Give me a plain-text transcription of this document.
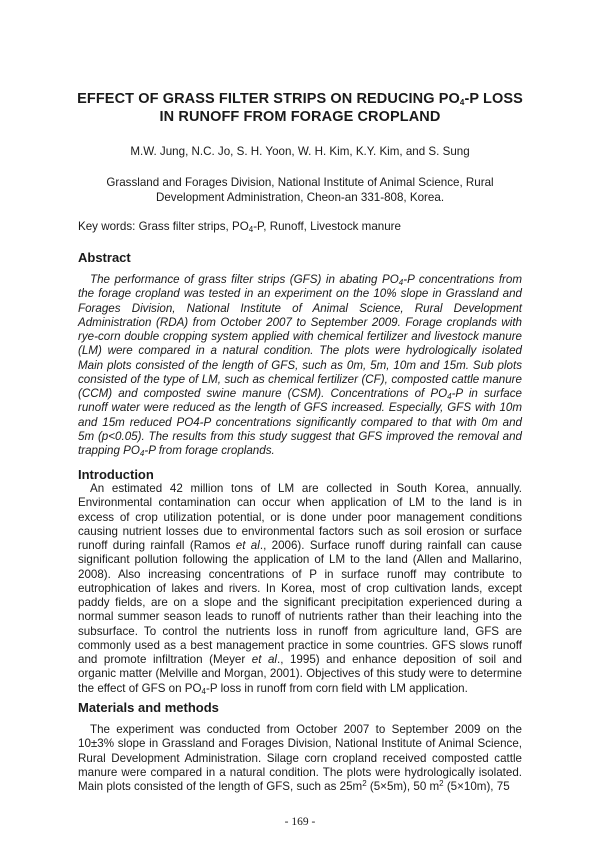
EFFECT OF GRASS FILTER STRIPS ON REDUCING $PO_4-P$ LOSS
IN RUNOFF FROM FORAGE CROPLAND
M.W. Jung, N.C. Jo, S. H. Yoon, W. H. Kim, K.Y. Kim, and S. Sung
Grassland and Forages Division, National Institute of Animal Science, Rural
Development Administration, Cheon-an 331-808, Korea.
Key words: Grass filter strips, $PO_4-P$, Runoff, Livestock manure
Abstract
The performance of grass filter strips (GFS) in abating $PO_4-P$ concentrations from the forage cropland was tested in an experiment on the 10% slope in Grassland and Forages Division, National Institute of Animal Science, Rural Development Administration (RDA) from October 2007 to September 2009. Forage croplands with rye-corn double cropping system applied with chemical fertilizer and livestock manure (LM) were compared in a natural condition. The plots were hydrologically isolated Main plots consisted of the length of GFS, such as 0m, 5m, 10m and 15m. Sub plots consisted of the type of LM, such as chemical fertilizer (CF), composted cattle manure (CCM) and composted swine manure (CSM). Concentrations of $PO_4-P$ in surface runoff water were reduced as the length of GFS increased. Especially, GFS with 10m and 15m reduced PO4-P concentrations significantly compared to that with 0m and 5m (p<0.05). The results from this study suggest that GFS improved the removal and trapping $PO_4-P$ from forage croplands.
Introduction
An estimated 42 million tons of LM are collected in South Korea, annually. Environmental contamination can occur when application of LM to the land is in excess of crop utilization potential, or is done under poor management conditions causing nutrient losses due to environmental factors such as soil erosion or surface runoff during rainfall (Ramos et al., 2006). Surface runoff during rainfall can cause significant pollution following the application of LM to the land (Allen and Mallarino, 2008). Also increasing concentrations of P in surface runoff may contribute to eutrophication of lakes and rivers. In Korea, most of crop cultivation lands, except paddy fields, are on a slope and the significant precipitation experienced during a normal summer season leads to runoff of nutrients rather than their leaching into the subsurface. To control the nutrients loss in runoff from agriculture land, GFS are commonly used as a best management practice in some countries. GFS slows runoff and promote infiltration (Meyer et al., 1995) and enhance deposition of soil and organic matter (Melville and Morgan, 2001). Objectives of this study were to determine the effect of GFS on $PO_4-P$ loss in runoff from corn field with LM application.
Materials and methods
The experiment was conducted from October 2007 to September 2009 on the 10±3% slope in Grassland and Forages Division, National Institute of Animal Science, Rural Development Administration. Silage corn cropland received composted cattle manure were compared in a natural condition. The plots were hydrologically isolated. Main plots consisted of the length of GFS, such as $25m^2$ (5×5m), 50 $m^2$ (5×10m), 75
- 169 -
